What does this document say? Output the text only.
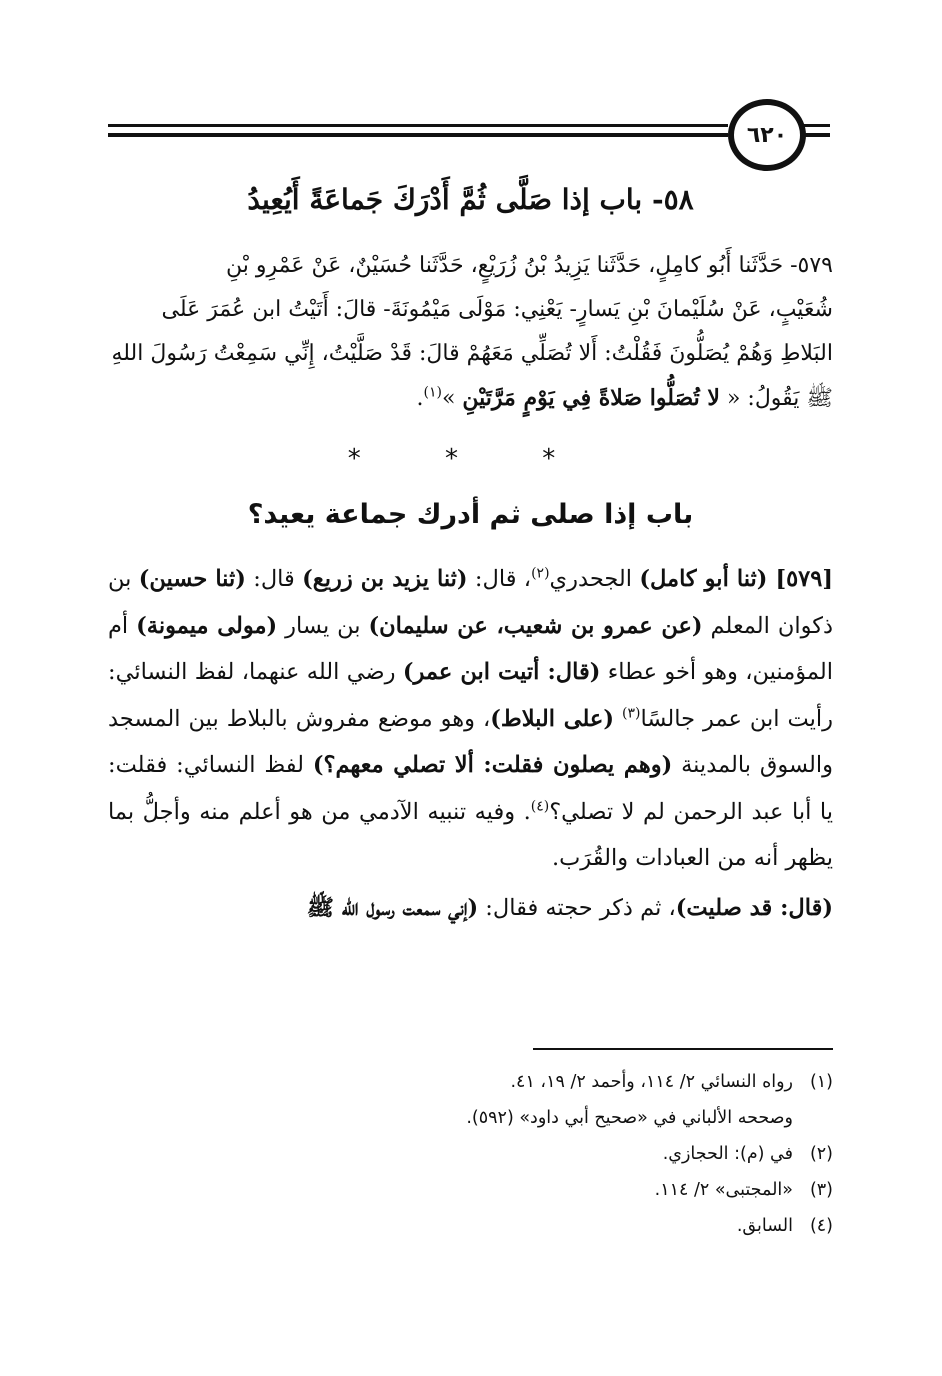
٦٢٠
٥٨- باب إذا صَلَّى ثُمَّ أَدْرَكَ جَماعَةً أَيُعِيدُ

٥٧٩- حَدَّثَنا أَبُو كامِلٍ، حَدَّثَنا يَزِيدُ بْنُ زُرَيْعٍ، حَدَّثَنا حُسَيْنٌ، عَنْ عَمْرِو بْنِ

شُعَيْبٍ، عَنْ سُلَيْمانَ بْنِ يَسارٍ- يَعْنِي: مَوْلَى مَيْمُونَةَ- قالَ: أَتَيْتُ ابن عُمَرَ عَلَى

البَلاطِ وَهُمْ يُصَلُّونَ فَقُلْتُ: أَلا تُصَلِّي مَعَهُمْ قالَ: قَدْ صَلَّيْتُ، إِنِّي سَمِعْتُ رَسُولَ اللهِ

ﷺ يَقُولُ: « لا تُصَلُّوا صَلاةً فِي يَوْمٍ مَرَّتَيْنِ »$^{(١)}$.

* * *
باب إذا صلى ثم أدرك جماعة يعيد؟

[٥٧٩] (ثنا أبو كامل) الجحدري$^{(٢)}$، قال: (ثنا يزيد بن زريع) قال: (ثنا حسين) بن ذكوان المعلم (عن عمرو بن شعيب، عن سليمان) بن يسار (مولى ميمونة) أم المؤمنين، وهو أخو عطاء (قال: أتيت ابن عمر) رضي الله عنهما، لفظ النسائي: رأيت ابن عمر جالسًا$^{(٣)}$ (على البلاط)، وهو موضع مفروش بالبلاط بين المسجد والسوق بالمدينة (وهم يصلون فقلت: ألا تصلي معهم؟) لفظ النسائي: فقلت: يا أبا عبد الرحمن لم لا تصلي؟$^{(٤)}$. وفيه تنبيه الآدمي من هو أعلم منه وأجلُّ بما يظهر أنه من العبادات والقُرَب.

(قال: قد صليت)، ثم ذكر حجته فقال: (إني سمعت رسول الله ﷺ

(١)رواه النسائي ٢/ ١١٤، وأحمد ٢/ ١٩، ٤١.
وصححه الألباني في «صحيح أبي داود» (٥٩٢).
(٢)في (م): الحجازي.
(٣)«المجتبى» ٢/ ١١٤.
(٤)السابق.
